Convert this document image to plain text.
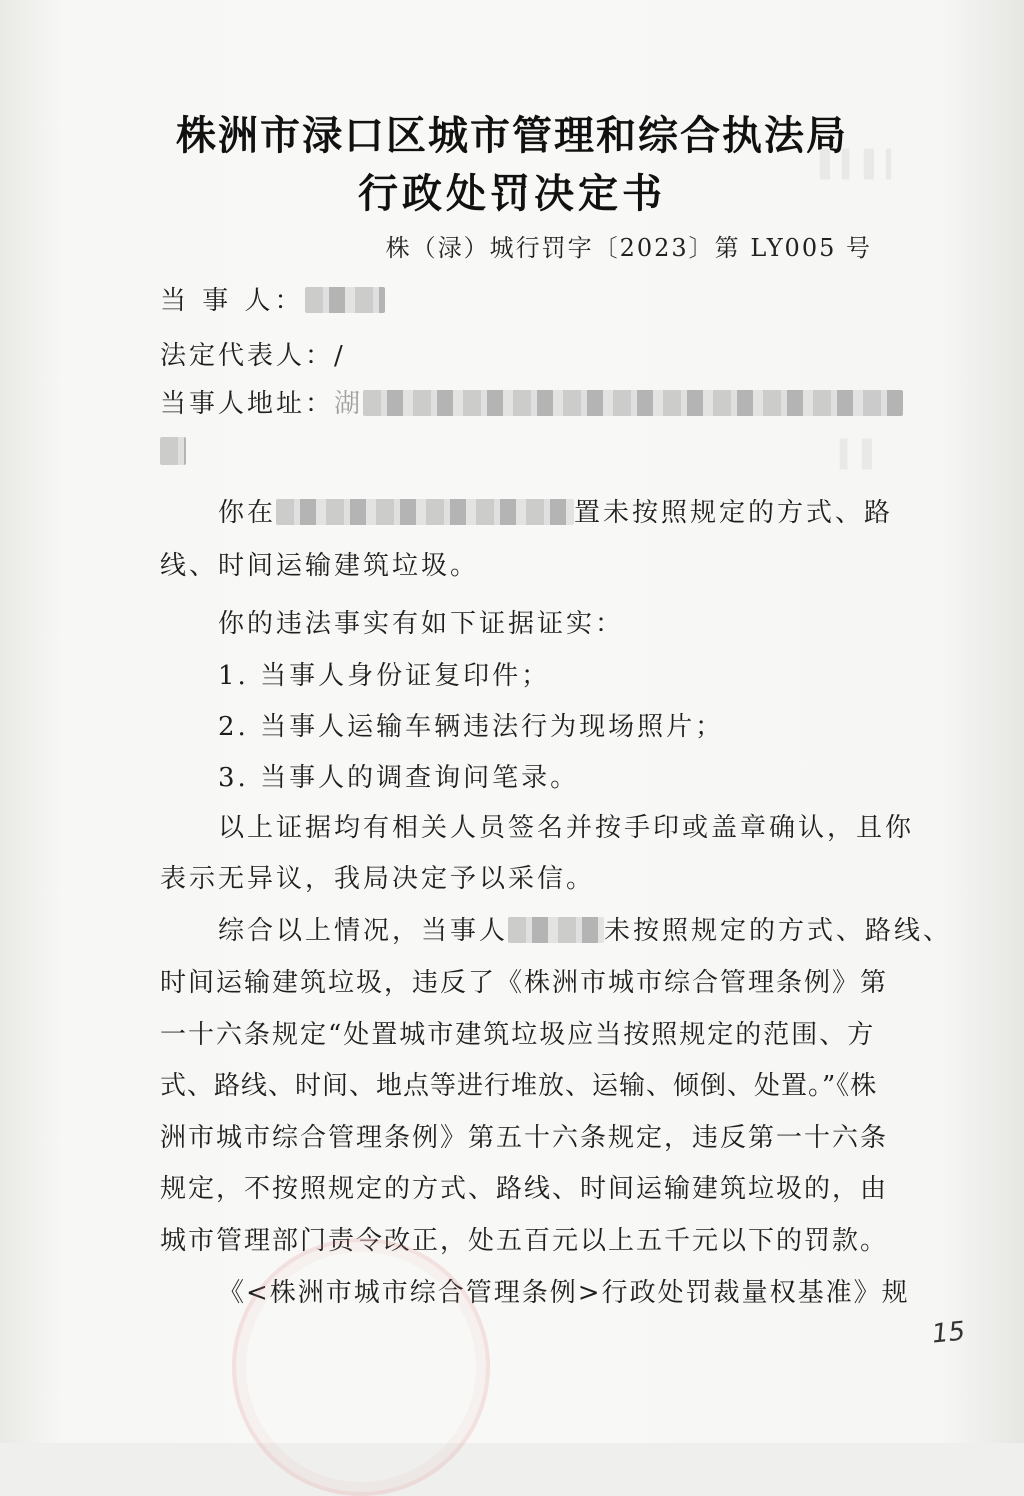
▌▍▌▎
▍▌
株洲市渌口区城市管理和综合执法局
行政处罚决定书
株（渌）城行罚字〔2023〕第 LY005 号
当 事 人：
法定代表人：/
当事人地址：湖
你在	置未按照规定的方式、路
线、时间运输建筑垃圾。
你的违法事实有如下证据证实：
1. 当事人身份证复印件；
2. 当事人运输车辆违法行为现场照片；
3. 当事人的调查询问笔录。
以上证据均有相关人员签名并按手印或盖章确认，且你
表示无异议，我局决定予以采信。
综合以上情况，当事人	未按照规定的方式、路线、
时间运输建筑垃圾，违反了《株洲市城市综合管理条例》第
一十六条规定“处置城市建筑垃圾应当按照规定的范围、方
式、路线、时间、地点等进行堆放、运输、倾倒、处置。”《株
洲市城市综合管理条例》第五十六条规定，违反第一十六条
规定，不按照规定的方式、路线、时间运输建筑垃圾的，由
城市管理部门责令改正，处五百元以上五千元以下的罚款。
《<株洲市城市综合管理条例>行政处罚裁量权基准》规
15
